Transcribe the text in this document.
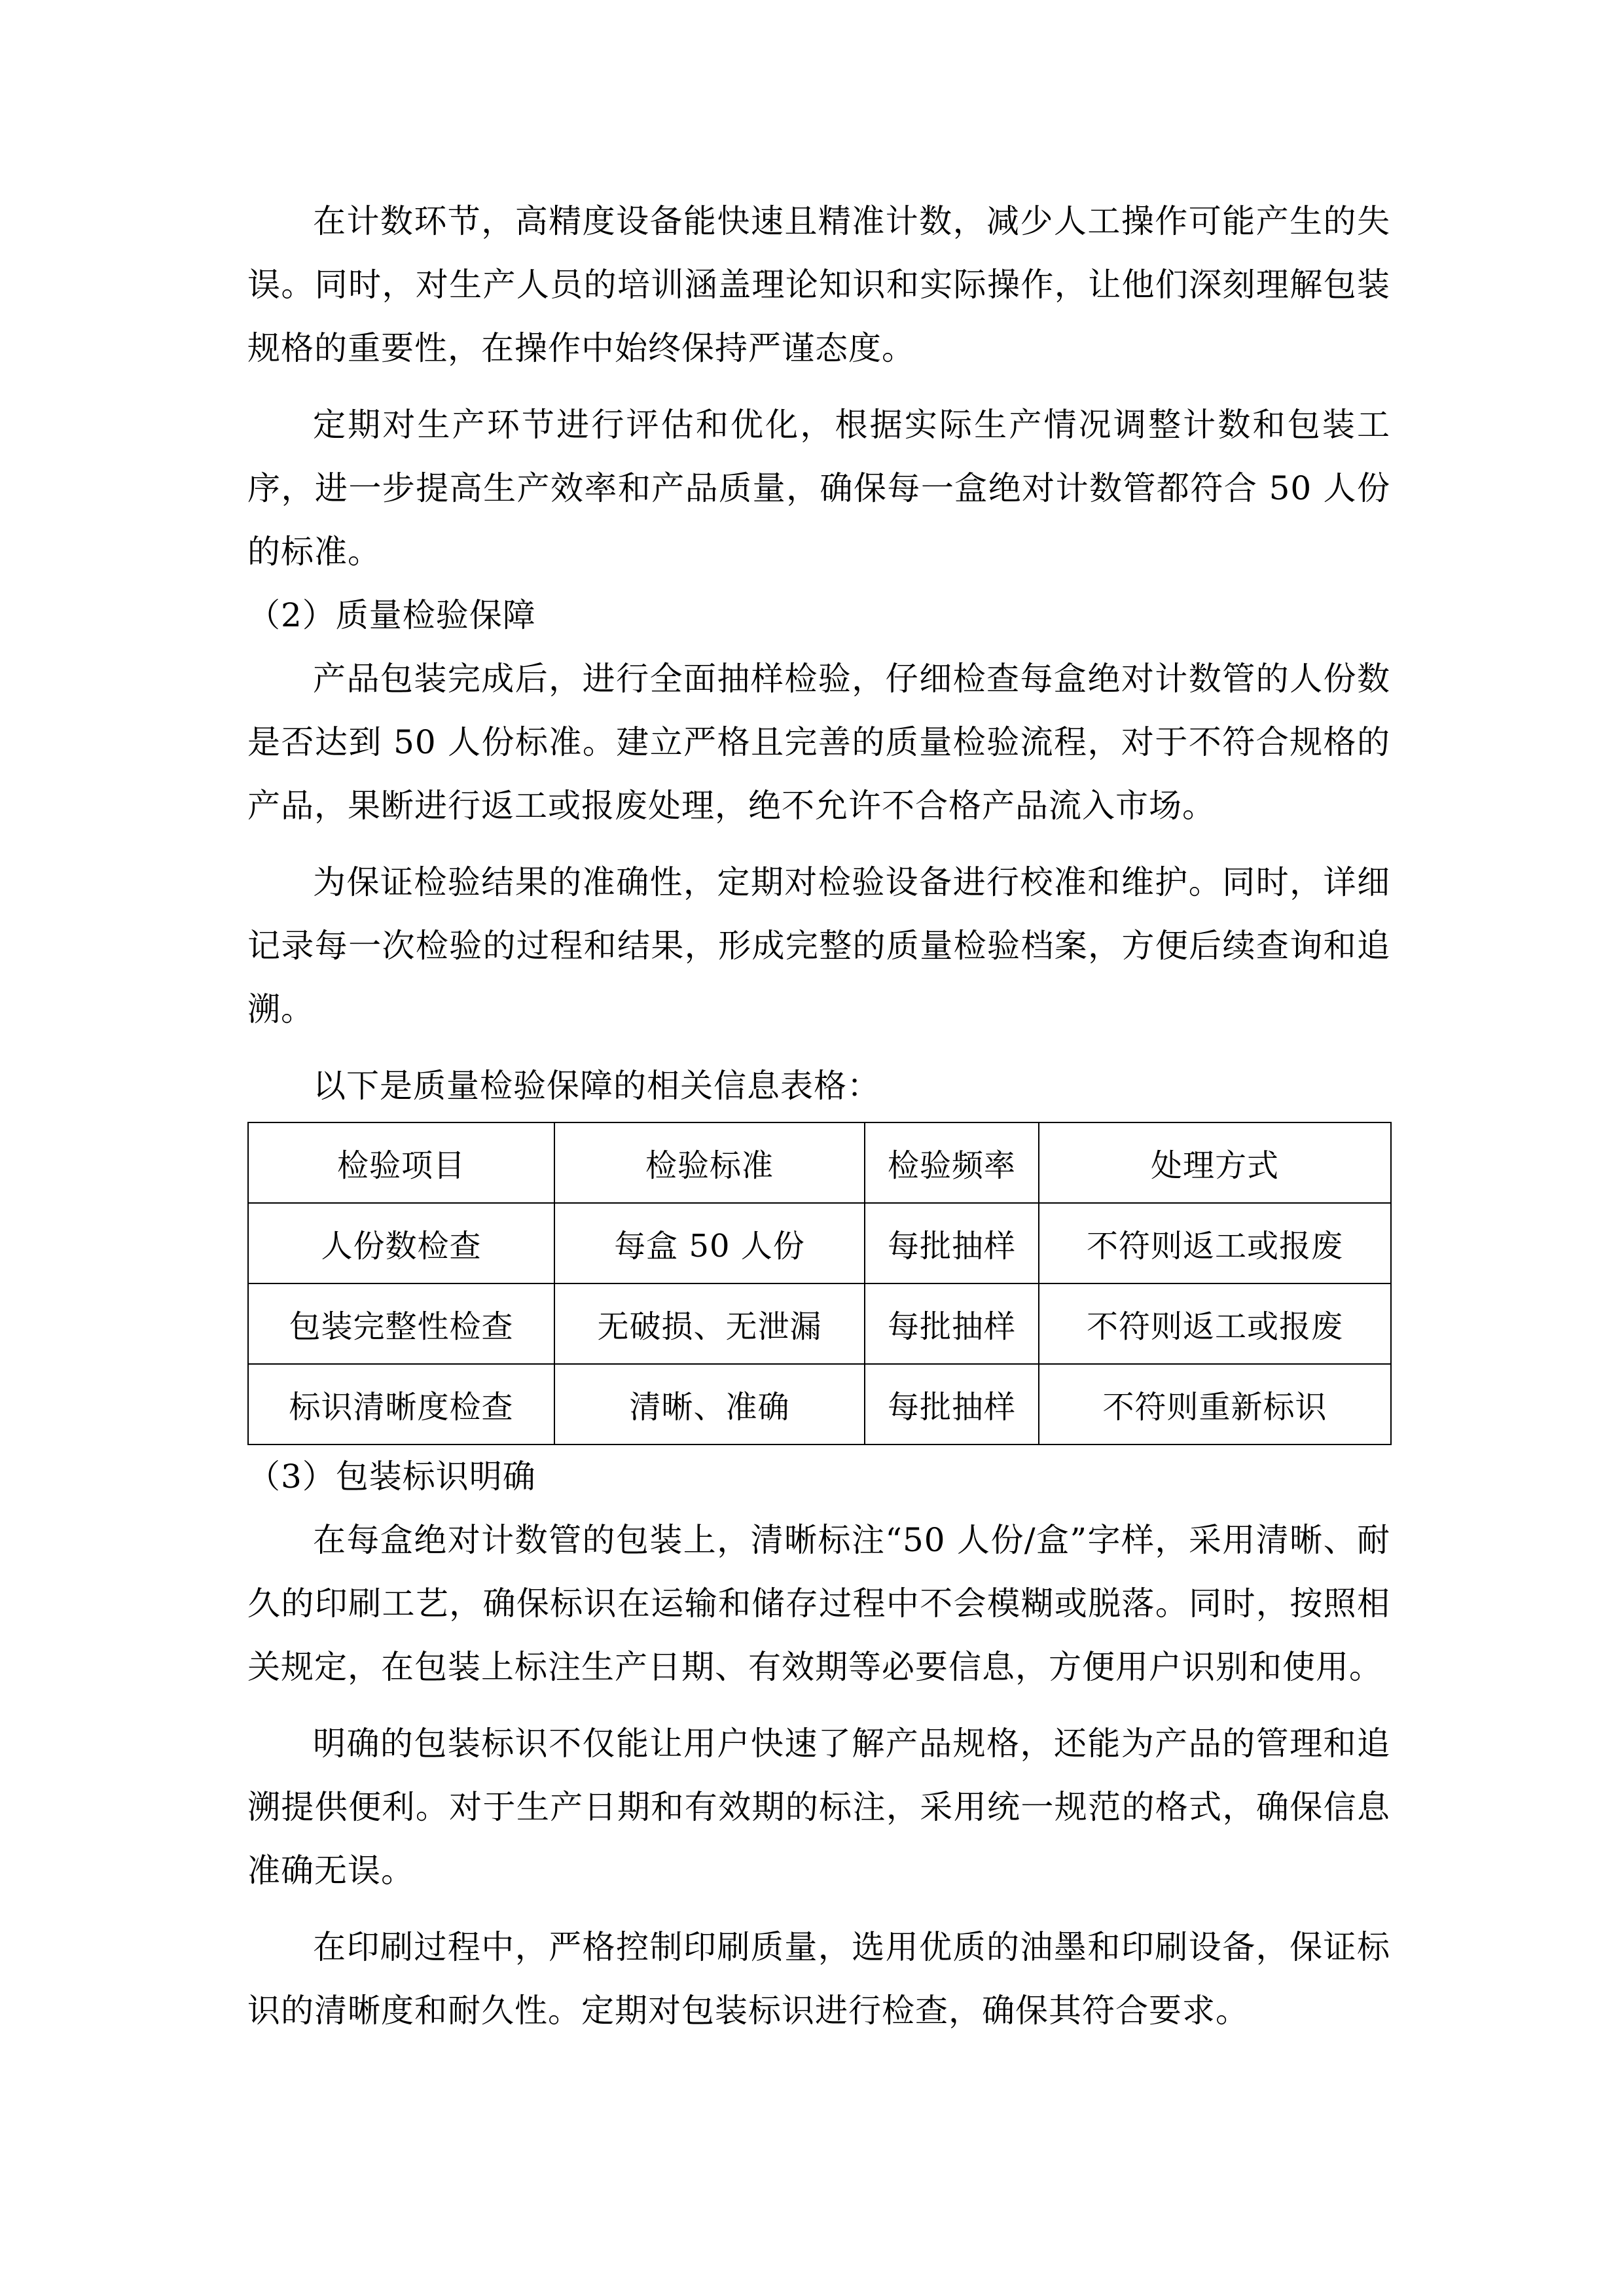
在计数环节，高精度设备能快速且精准计数，减少人工操作可能产生的失误。同时，对生产人员的培训涵盖理论知识和实际操作，让他们深刻理解包装规格的重要性，在操作中始终保持严谨态度。

定期对生产环节进行评估和优化，根据实际生产情况调整计数和包装工序，进一步提高生产效率和产品质量，确保每一盒绝对计数管都符合 50 人份的标准。

（2）质量检验保障

产品包装完成后，进行全面抽样检验，仔细检查每盒绝对计数管的人份数是否达到 50 人份标准。建立严格且完善的质量检验流程，对于不符合规格的产品，果断进行返工或报废处理，绝不允许不合格产品流入市场。

为保证检验结果的准确性，定期对检验设备进行校准和维护。同时，详细记录每一次检验的过程和结果，形成完整的质量检验档案，方便后续查询和追溯。

以下是质量检验保障的相关信息表格：

检验项目	检验标准	检验频率	处理方式
人份数检查	每盒 50 人份	每批抽样	不符则返工或报废
包装完整性检查	无破损、无泄漏	每批抽样	不符则返工或报废
标识清晰度检查	清晰、准确	每批抽样	不符则重新标识

（3）包装标识明确

在每盒绝对计数管的包装上，清晰标注“50 人份/盒”字样，采用清晰、耐久的印刷工艺，确保标识在运输和储存过程中不会模糊或脱落。同时，按照相关规定，在包装上标注生产日期、有效期等必要信息，方便用户识别和使用。

明确的包装标识不仅能让用户快速了解产品规格，还能为产品的管理和追溯提供便利。对于生产日期和有效期的标注，采用统一规范的格式，确保信息准确无误。

在印刷过程中，严格控制印刷质量，选用优质的油墨和印刷设备，保证标识的清晰度和耐久性。定期对包装标识进行检查，确保其符合要求。
